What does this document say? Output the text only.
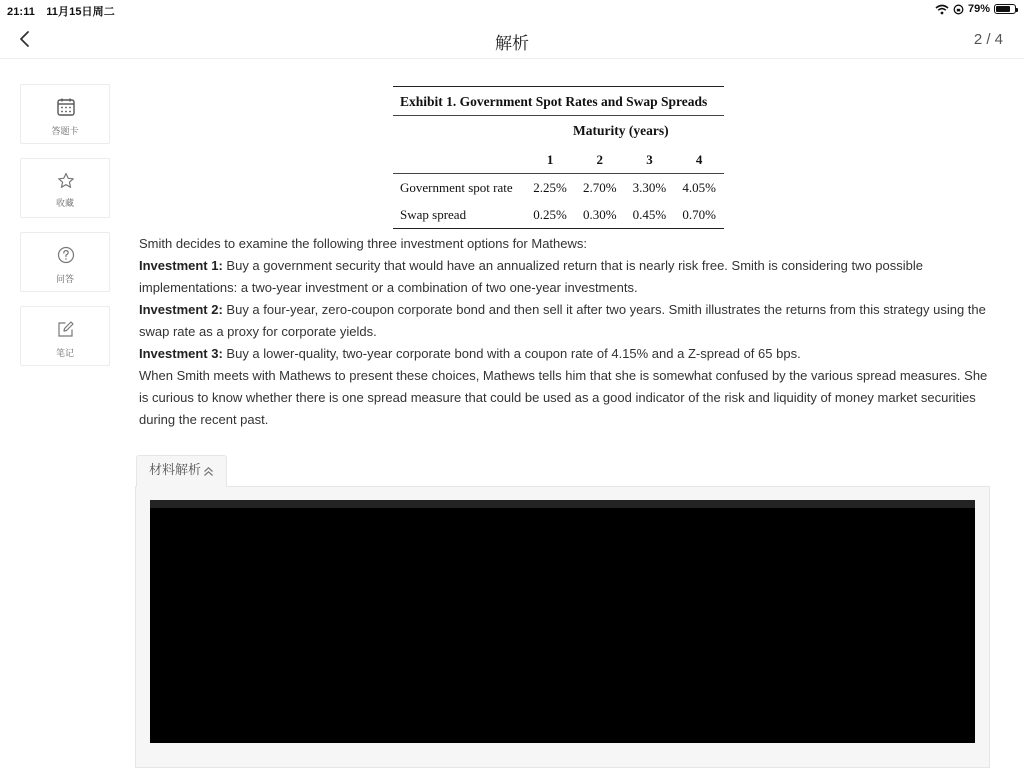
21:11 11月15日周二	79%
解析	2 / 4
答题卡
收藏
问答
笔记
Exhibit 1. Government Spot Rates and Swap Spreads
Maturity (years)
1	2	3	4
Government spot rate	2.25%	2.70%	3.30%	4.05%
Swap spread	0.25%	0.30%	0.45%	0.70%

Smith decides to examine the following three investment options for Mathews:

Investment 1: Buy a government security that would have an annualized return that is nearly risk free. Smith is considering two possible implementations: a two-year investment or a combination of two one-year investments.

Investment 2: Buy a four-year, zero-coupon corporate bond and then sell it after two years. Smith illustrates the returns from this strategy using the swap rate as a proxy for corporate yields.

Investment 3: Buy a lower-quality, two-year corporate bond with a coupon rate of 4.15% and a Z-spread of 65 bps.

When Smith meets with Mathews to present these choices, Mathews tells him that she is somewhat confused by the various spread measures. She is curious to know whether there is one spread measure that could be used as a good indicator of the risk and liquidity of money market securities during the recent past.

材料解析
